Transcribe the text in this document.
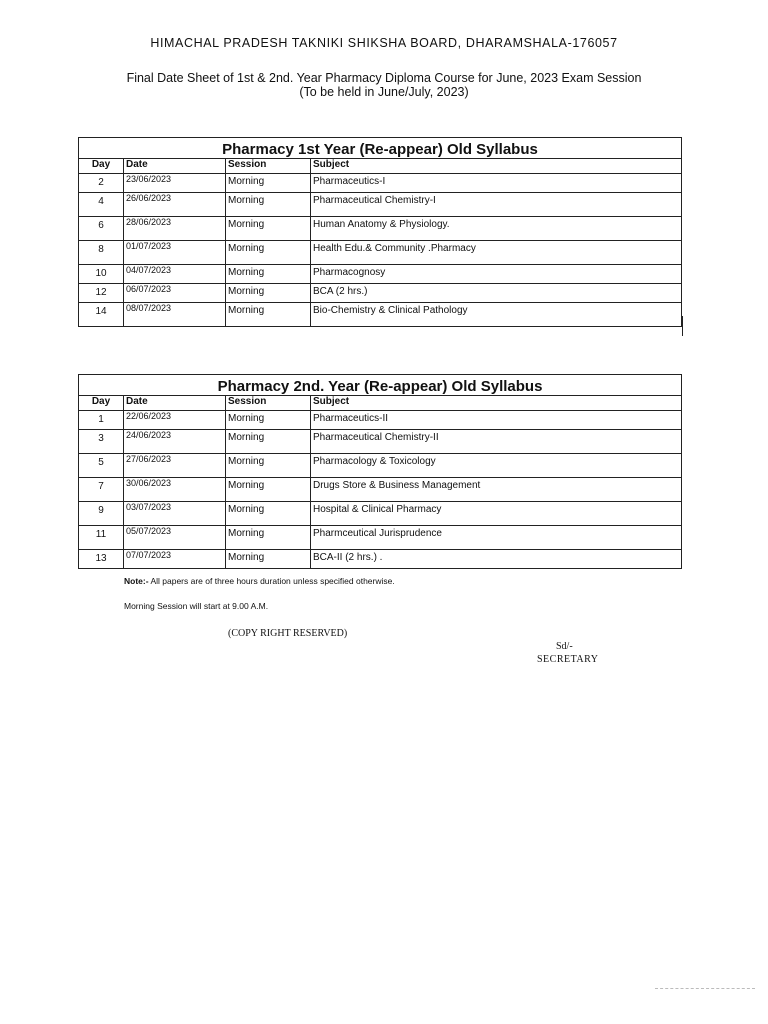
HIMACHAL PRADESH TAKNIKI SHIKSHA BOARD, DHARAMSHALA-176057
Final Date Sheet of 1st & 2nd. Year Pharmacy Diploma Course for June, 2023 Exam Session
(To be held in June/July, 2023)
Pharmacy 1st Year (Re-appear) Old Syllabus			
Day	Date	Session	Subject
2	23/06/2023	Morning	Pharmaceutics-I
4	26/06/2023	Morning	Pharmaceutical Chemistry-I
6	28/06/2023	Morning	Human Anatomy & Physiology.
8	01/07/2023	Morning	Health Edu.& Community .Pharmacy
10	04/07/2023	Morning	Pharmacognosy
12	06/07/2023	Morning	BCA (2 hrs.)
14	08/07/2023	Morning	Bio-Chemistry & Clinical Pathology
Pharmacy 2nd. Year (Re-appear) Old Syllabus			
Day	Date	Session	Subject
1	22/06/2023	Morning	Pharmaceutics-II
3	24/06/2023	Morning	Pharmaceutical Chemistry-II
5	27/06/2023	Morning	Pharmacology & Toxicology
7	30/06/2023	Morning	Drugs Store & Business Management
9	03/07/2023	Morning	Hospital & Clinical Pharmacy
11	05/07/2023	Morning	Pharmceutical Jurisprudence
13	07/07/2023	Morning	BCA-II (2 hrs.) .
Note:- All papers are of three hours duration unless specified otherwise.
Morning Session will start at 9.00 A.M.
(COPY RIGHT RESERVED)
Sd/-
SECRETARY
